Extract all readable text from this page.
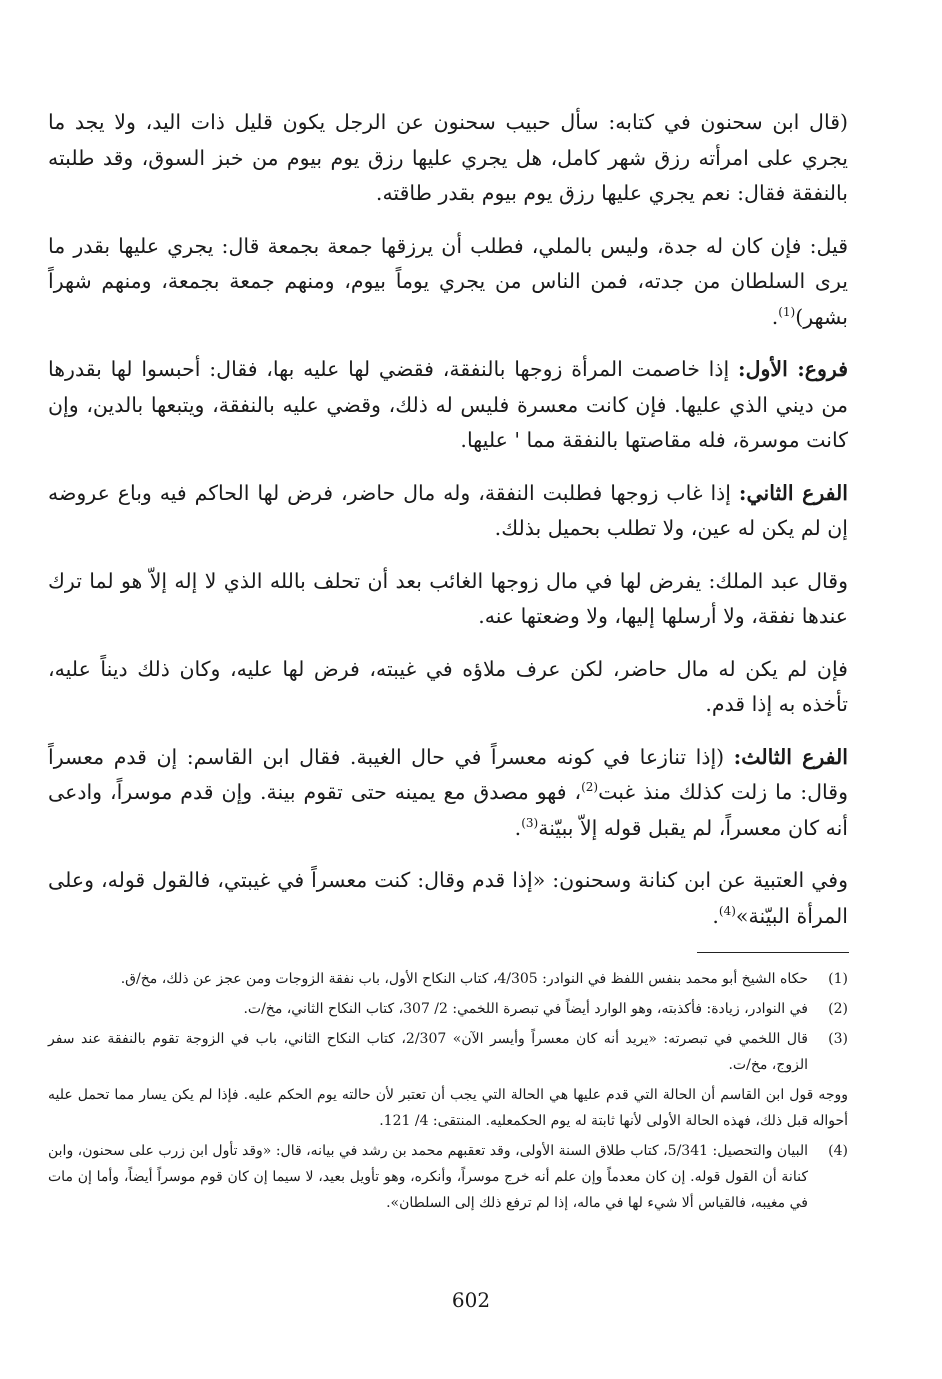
(قال ابن سحنون في كتابه: سأل حبيب سحنون عن الرجل يكون قليل ذات اليد، ولا يجد ما يجري على امرأته رزق شهر كامل، هل يجري عليها رزق يوم بيوم من خبز السوق، وقد طلبته بالنفقة فقال: نعم يجري عليها رزق يوم بيوم بقدر طاقته.

قيل: فإن كان له جدة، وليس بالملي، فطلب أن يرزقها جمعة بجمعة قال: يجري عليها بقدر ما يرى السلطان من جدته، فمن الناس من يجري يوماً بيوم، ومنهم جمعة بجمعة، ومنهم شهراً بشهر)$^{(1)}$.

فروع: الأول: إذا خاصمت المرأة زوجها بالنفقة، فقضي لها عليه بها، فقال: أحبسوا لها بقدرها من ديني الذي عليها. فإن كانت معسرة فليس له ذلك، وقضي عليه بالنفقة، ويتبعها بالدين، وإن كانت موسرة، فله مقاصتها بالنفقة مما ' عليها.

الفرع الثاني: إذا غاب زوجها فطلبت النفقة، وله مال حاضر، فرض لها الحاكم فيه وباع عروضه إن لم يكن له عين، ولا تطلب بحميل بذلك.

وقال عبد الملك: يفرض لها في مال زوجها الغائب بعد أن تحلف بالله الذي لا إله إلاّ هو لما ترك عندها نفقة، ولا أرسلها إليها، ولا وضعتها عنه.

فإن لم يكن له مال حاضر، لكن عرف ملاؤه في غيبته، فرض لها عليه، وكان ذلك ديناً عليه، تأخذه به إذا قدم.

الفرع الثالث: (إذا تنازعا في كونه معسراً في حال الغيبة. فقال ابن القاسم: إن قدم معسراً وقال: ما زلت كذلك منذ غبت$^{(2)}$، فهو مصدق مع يمينه حتى تقوم بينة. وإن قدم موسراً، وادعى أنه كان معسراً، لم يقبل قوله إلاّ ببيّنة$^{(3)}$.

وفي العتبية عن ابن كنانة وسحنون: «إذا قدم وقال: كنت معسراً في غيبتي، فالقول قوله، وعلى المرأة البيّنة»$^{(4)}$.

(1)
حكاه الشيخ أبو محمد بنفس اللفظ في النوادر: 4/305، كتاب النكاح الأول، باب نفقة الزوجات ومن عجز عن ذلك، مخ/ق.
(2)
في النوادر، زيادة: فأكذبته، وهو الوارد أيضاً في تبصرة اللخمي: 2/ 307، كتاب النكاح الثاني، مخ/ت.
(3)
قال اللخمي في تبصرته: «يريد أنه كان معسراً وأيسر الآن» 2/307، كتاب النكاح الثاني، باب في الزوجة تقوم بالنفقة عند سفر الزوج، مخ/ت.
ووجه قول ابن القاسم أن الحالة التي قدم عليها هي الحالة التي يجب أن تعتبر لأن حالته يوم الحكم عليه. فإذا لم يكن يسار مما تحمل عليه أحواله قبل ذلك، فهذه الحالة الأولى لأنها ثابتة له يوم الحكمعليه. المنتقى: 4/ 121.
(4)
البيان والتحصيل: 5/341، كتاب طلاق السنة الأولى، وقد تعقبهم محمد بن رشد في بيانه، قال: «وقد تأول ابن زرب على سحنون، وابن كنانة أن القول قوله. إن كان معدماً وإن علم أنه خرج موسراً، وأنكره، وهو تأويل بعيد، لا سيما إن كان قوم موسراً أيضاً، وأما إن مات في مغيبه، فالقياس ألا شيء لها في ماله، إذا لم ترفع ذلك إلى السلطان».
602
